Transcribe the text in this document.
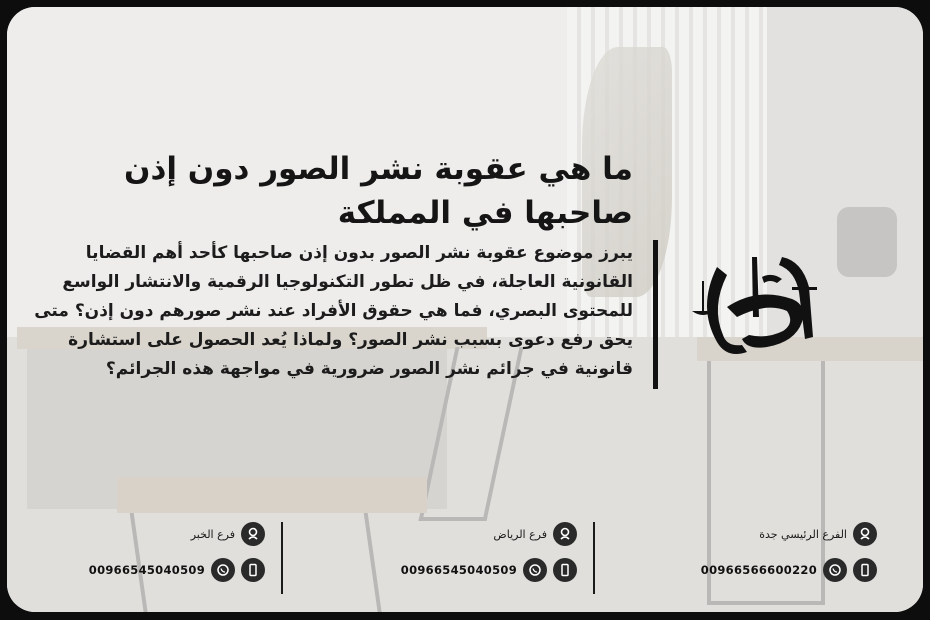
ما هي عقوبة نشر الصور دون إذن صاحبها في المملكة

يبرز موضوع عقوبة نشر الصور بدون إذن صاحبها كأحد أهم القضايا القانونية العاجلة، في ظل تطور التكنولوجيا الرقمية والانتشار الواسع للمحتوى البصري، فما هي حقوق الأفراد عند نشر صورهم دون إذن؟ متى يحق رفع دعوى بسبب نشر الصور؟ ولماذا يُعد الحصول على استشارة قانونية في جرائم نشر الصور ضرورية في مواجهة هذه الجرائم؟

الفرع الرئيسي جدة
00966566600220
فرع الرياض
00966545040509
فرع الخبر
00966545040509
